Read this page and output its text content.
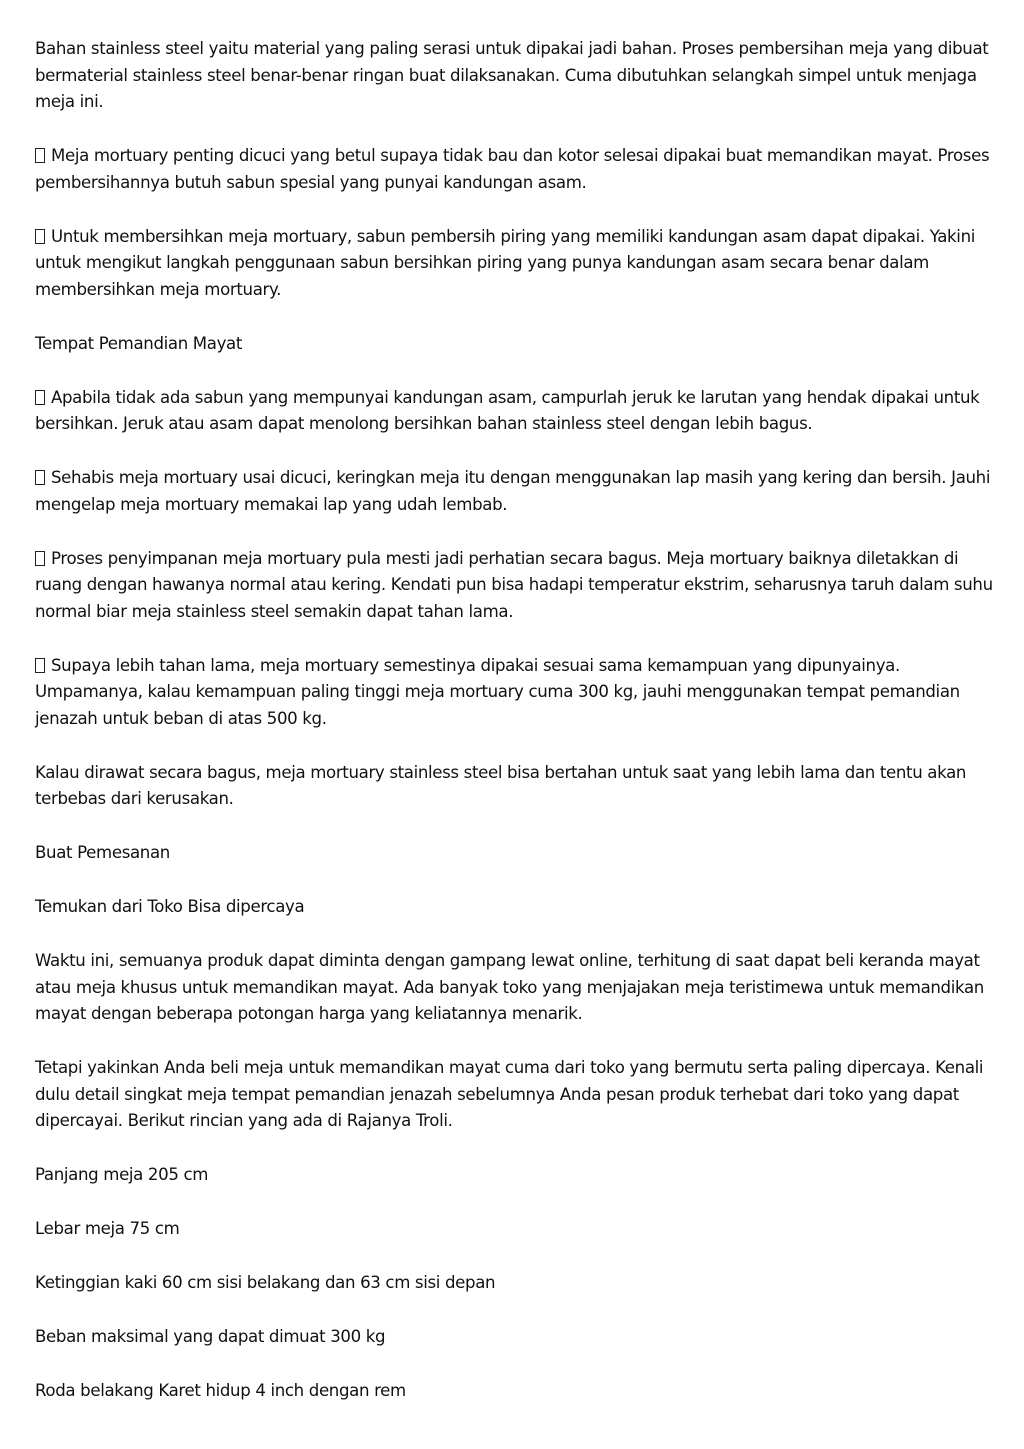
Bahan stainless steel yaitu material yang paling serasi untuk dipakai jadi bahan. Proses pembersihan meja yang dibuat bermaterial stainless steel benar-benar ringan buat dilaksanakan. Cuma dibutuhkan selangkah simpel untuk menjaga meja ini.

Meja mortuary penting dicuci yang betul supaya tidak bau dan kotor selesai dipakai buat memandikan mayat. Proses pembersihannya butuh sabun spesial yang punyai kandungan asam.

Untuk membersihkan meja mortuary, sabun pembersih piring yang memiliki kandungan asam dapat dipakai. Yakini untuk mengikut langkah penggunaan sabun bersihkan piring yang punya kandungan asam secara benar dalam membersihkan meja mortuary.

Tempat Pemandian Mayat

Apabila tidak ada sabun yang mempunyai kandungan asam, campurlah jeruk ke larutan yang hendak dipakai untuk bersihkan. Jeruk atau asam dapat menolong bersihkan bahan stainless steel dengan lebih bagus.

Sehabis meja mortuary usai dicuci, keringkan meja itu dengan menggunakan lap masih yang kering dan bersih. Jauhi mengelap meja mortuary memakai lap yang udah lembab.

Proses penyimpanan meja mortuary pula mesti jadi perhatian secara bagus. Meja mortuary baiknya diletakkan di ruang dengan hawanya normal atau kering. Kendati pun bisa hadapi temperatur ekstrim, seharusnya taruh dalam suhu normal biar meja stainless steel semakin dapat tahan lama.

Supaya lebih tahan lama, meja mortuary semestinya dipakai sesuai sama kemampuan yang dipunyainya. Umpamanya, kalau kemampuan paling tinggi meja mortuary cuma 300 kg, jauhi menggunakan tempat pemandian jenazah untuk beban di atas 500 kg.

Kalau dirawat secara bagus, meja mortuary stainless steel bisa bertahan untuk saat yang lebih lama dan tentu akan terbebas dari kerusakan.

Buat Pemesanan

Temukan dari Toko Bisa dipercaya

Waktu ini, semuanya produk dapat diminta dengan gampang lewat online, terhitung di saat dapat beli keranda mayat atau meja khusus untuk memandikan mayat. Ada banyak toko yang menjajakan meja teristimewa untuk memandikan mayat dengan beberapa potongan harga yang keliatannya menarik.

Tetapi yakinkan Anda beli meja untuk memandikan mayat cuma dari toko yang bermutu serta paling dipercaya. Kenali dulu detail singkat meja tempat pemandian jenazah sebelumnya Anda pesan produk terhebat dari toko yang dapat dipercayai. Berikut rincian yang ada di Rajanya Troli.

Panjang meja 205 cm

Lebar meja 75 cm

Ketinggian kaki 60 cm sisi belakang dan 63 cm sisi depan

Beban maksimal yang dapat dimuat 300 kg

Roda belakang Karet hidup 4 inch dengan rem
